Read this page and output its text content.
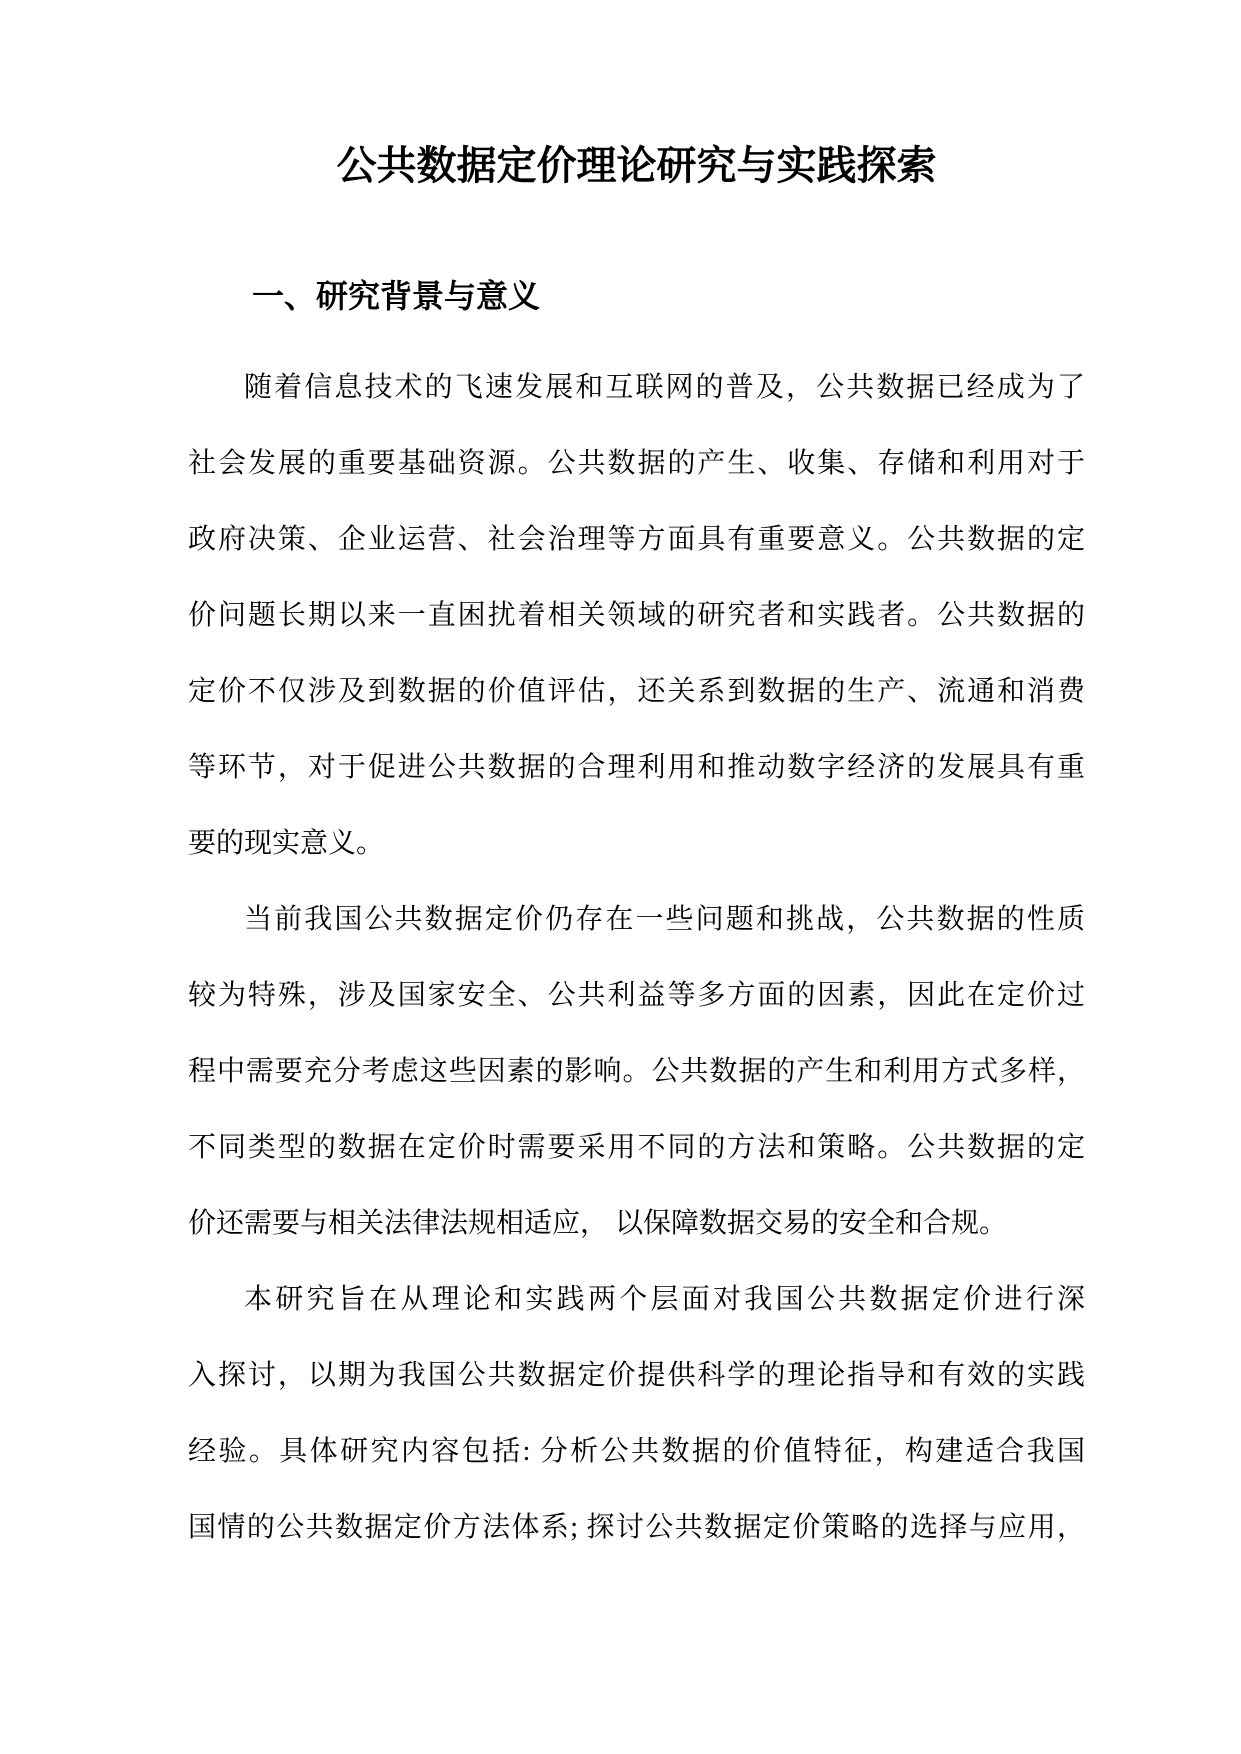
公共数据定价理论研究与实践探索
一、研究背景与意义
随着信息技术的飞速发展和互联网的普及，公共数据已经成为了
社会发展的重要基础资源。公共数据的产生、收集、存储和利用对于
政府决策、企业运营、社会治理等方面具有重要意义。公共数据的定
价问题长期以来一直困扰着相关领域的研究者和实践者。公共数据的
定价不仅涉及到数据的价值评估，还关系到数据的生产、流通和消费
等环节，对于促进公共数据的合理利用和推动数字经济的发展具有重
要的现实意义。
当前我国公共数据定价仍存在一些问题和挑战，公共数据的性质
较为特殊，涉及国家安全、公共利益等多方面的因素，因此在定价过
程中需要充分考虑这些因素的影响。公共数据的产生和利用方式多样，
不同类型的数据在定价时需要采用不同的方法和策略。公共数据的定
价还需要与相关法律法规相适应， 以保障数据交易的安全和合规。
本研究旨在从理论和实践两个层面对我国公共数据定价进行深
入探讨，以期为我国公共数据定价提供科学的理论指导和有效的实践
经验。具体研究内容包括: 分析公共数据的价值特征，构建适合我国
国情的公共数据定价方法体系; 探讨公共数据定价策略的选择与应用，
